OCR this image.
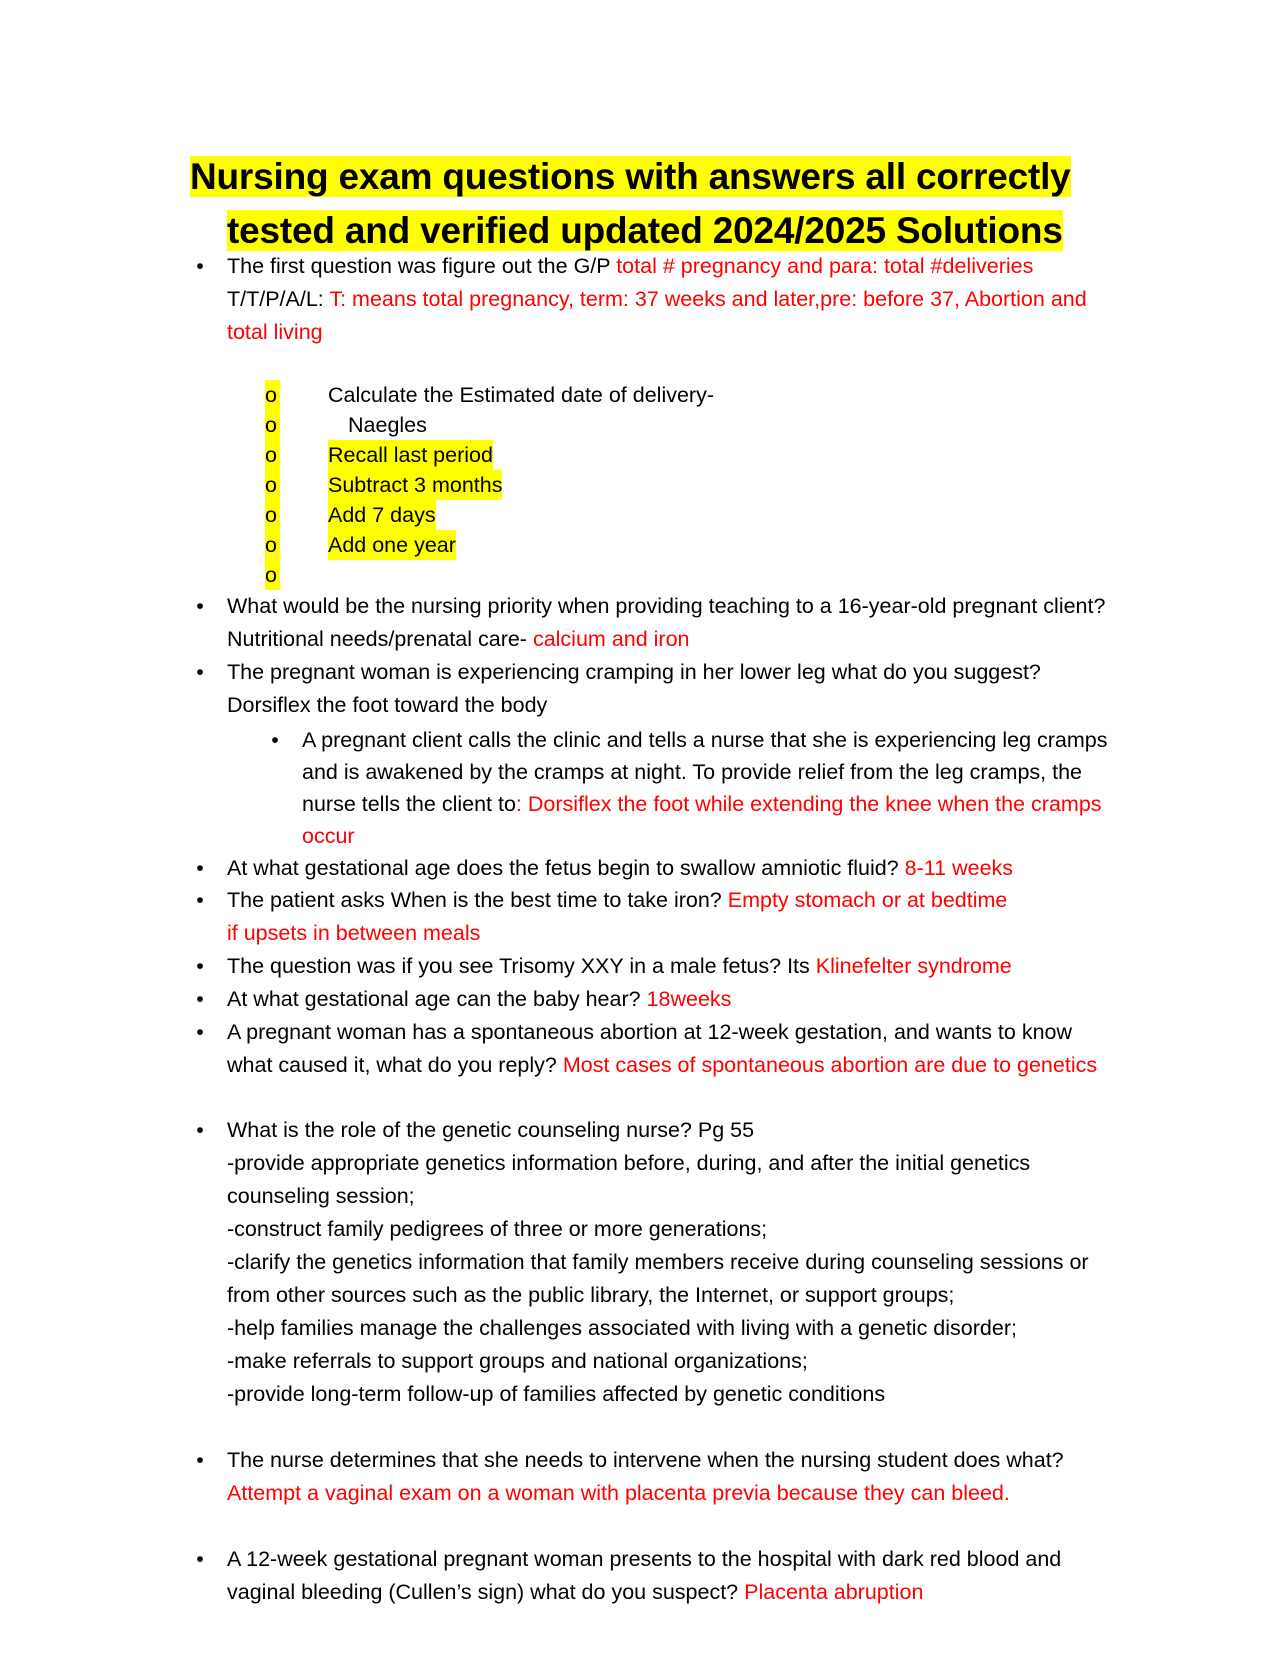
Nursing exam questions with answers all correctly

tested and verified updated 2024/2025 Solutions
• The first question was figure out the G/P total # pregnancy and para: total #deliveries
T/T/P/A/L: T: means total pregnancy, term: 37 weeks and later,pre: before 37, Abortion and total living
o Calculate the Estimated date of delivery-
o	Naegles
o Recall last period
o Subtract 3 months
o Add 7 days
o Add one year
o
• What would be the nursing priority when providing teaching to a 16-year-old pregnant client? Nutritional needs/prenatal care- calcium and iron
• The pregnant woman is experiencing cramping in her lower leg what do you suggest? Dorsiflex the foot toward the body
• A pregnant client calls the clinic and tells a nurse that she is experiencing leg cramps and is awakened by the cramps at night. To provide relief from the leg cramps, the nurse tells the client to: Dorsiflex the foot while extending the knee when the cramps occur
• At what gestational age does the fetus begin to swallow amniotic fluid? 8-11 weeks
• The patient asks When is the best time to take iron? Empty stomach or at bedtime
if upsets in between meals
• The question was if you see Trisomy XXY in a male fetus? Its Klinefelter syndrome
• At what gestational age can the baby hear? 18weeks
• A pregnant woman has a spontaneous abortion at 12-week gestation, and wants to know what caused it, what do you reply? Most cases of spontaneous abortion are due to genetics
• What is the role of the genetic counseling nurse? Pg 55
-provide appropriate genetics information before, during, and after the initial genetics counseling session;
-construct family pedigrees of three or more generations;
-clarify the genetics information that family members receive during counseling sessions or from other sources such as the public library, the Internet, or support groups;
-help families manage the challenges associated with living with a genetic disorder;
-make referrals to support groups and national organizations;
-provide long-term follow-up of families affected by genetic conditions
• The nurse determines that she needs to intervene when the nursing student does what? Attempt a vaginal exam on a woman with placenta previa because they can bleed.
• A 12-week gestational pregnant woman presents to the hospital with dark red blood and vaginal bleeding (Cullen’s sign) what do you suspect? Placenta abruption
